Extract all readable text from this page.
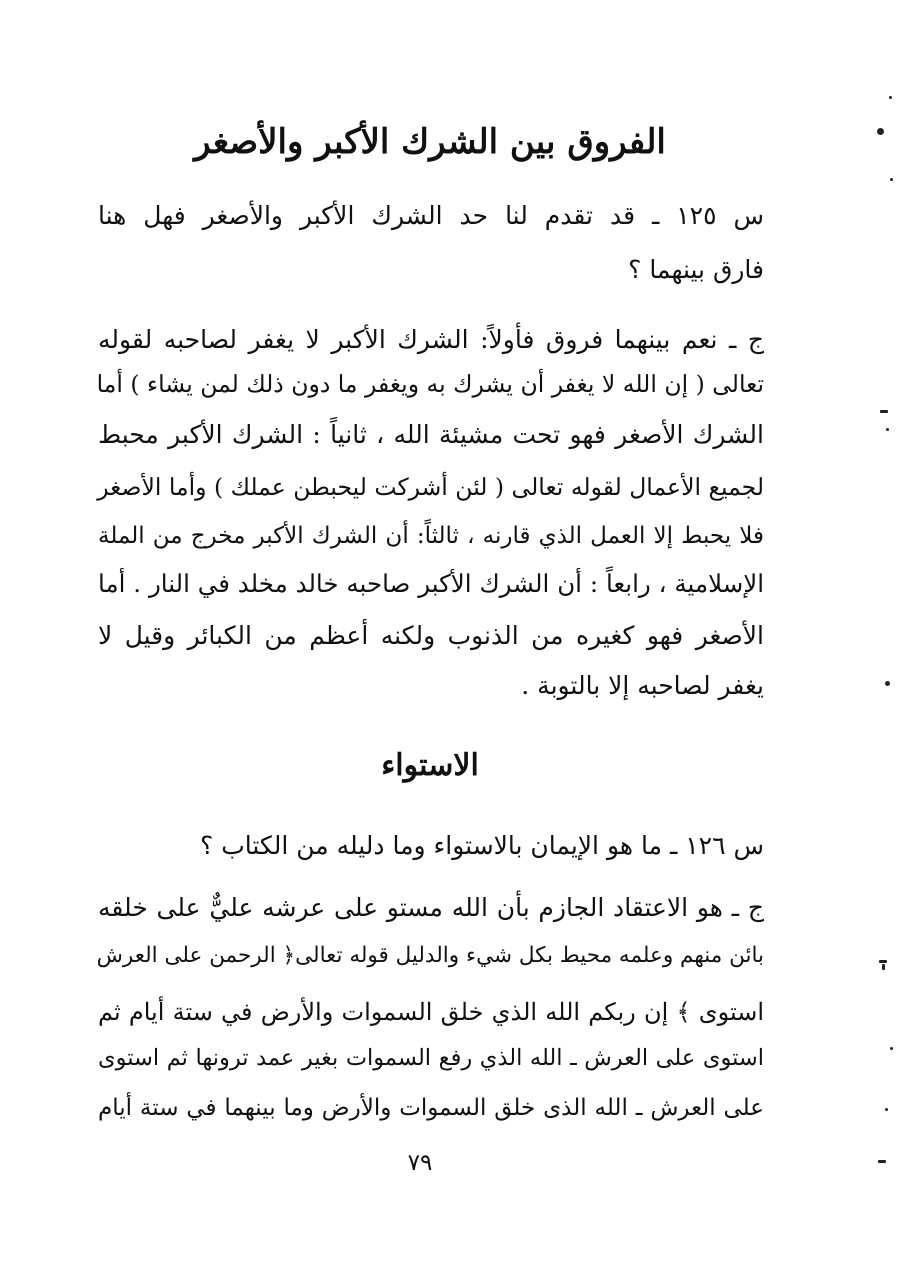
الفروق بين الشرك الأكبر والأصغر
س ١٢٥ ـ قد تقدم لنا حد الشرك الأكبر والأصغر فهل هنا
فارق بينهما ؟
ج ـ نعم بينهما فروق فأولاً: الشرك الأكبر لا يغفر لصاحبه لقوله
تعالى ( إن الله لا يغفر أن يشرك به ويغفر ما دون ذلك لمن يشاء ) أما
الشرك الأصغر فهو تحت مشيئة الله ، ثانياً : الشرك الأكبر محبط
لجميع الأعمال لقوله تعالى ( لئن أشركت ليحبطن عملك ) وأما الأصغر
فلا يحبط إلا العمل الذي قارنه ، ثالثاً: أن الشرك الأكبر مخرج من الملة
الإسلامية ، رابعاً : أن الشرك الأكبر صاحبه خالد مخلد في النار . أما
الأصغر فهو كغيره من الذنوب ولكنه أعظم من الكبائر وقيل لا
يغفر لصاحبه إلا بالتوبة .
الاستواء
س ١٢٦ ـ ما هو الإيمان بالاستواء وما دليله من الكتاب ؟
ج ـ هو الاعتقاد الجازم بأن الله مستو على عرشه عليٌّ على خلقه
بائن منهم وعلمه محيط بكل شيء والدليل قوله تعالى﴿ الرحمن على العرش
استوى ﴾ إن ربكم الله الذي خلق السموات والأرض في ستة أيام ثم
استوى على العرش ـ الله الذي رفع السموات بغير عمد ترونها ثم استوى
على العرش ـ الله الذى خلق السموات والأرض وما بينهما في ستة أيام
٧٩
